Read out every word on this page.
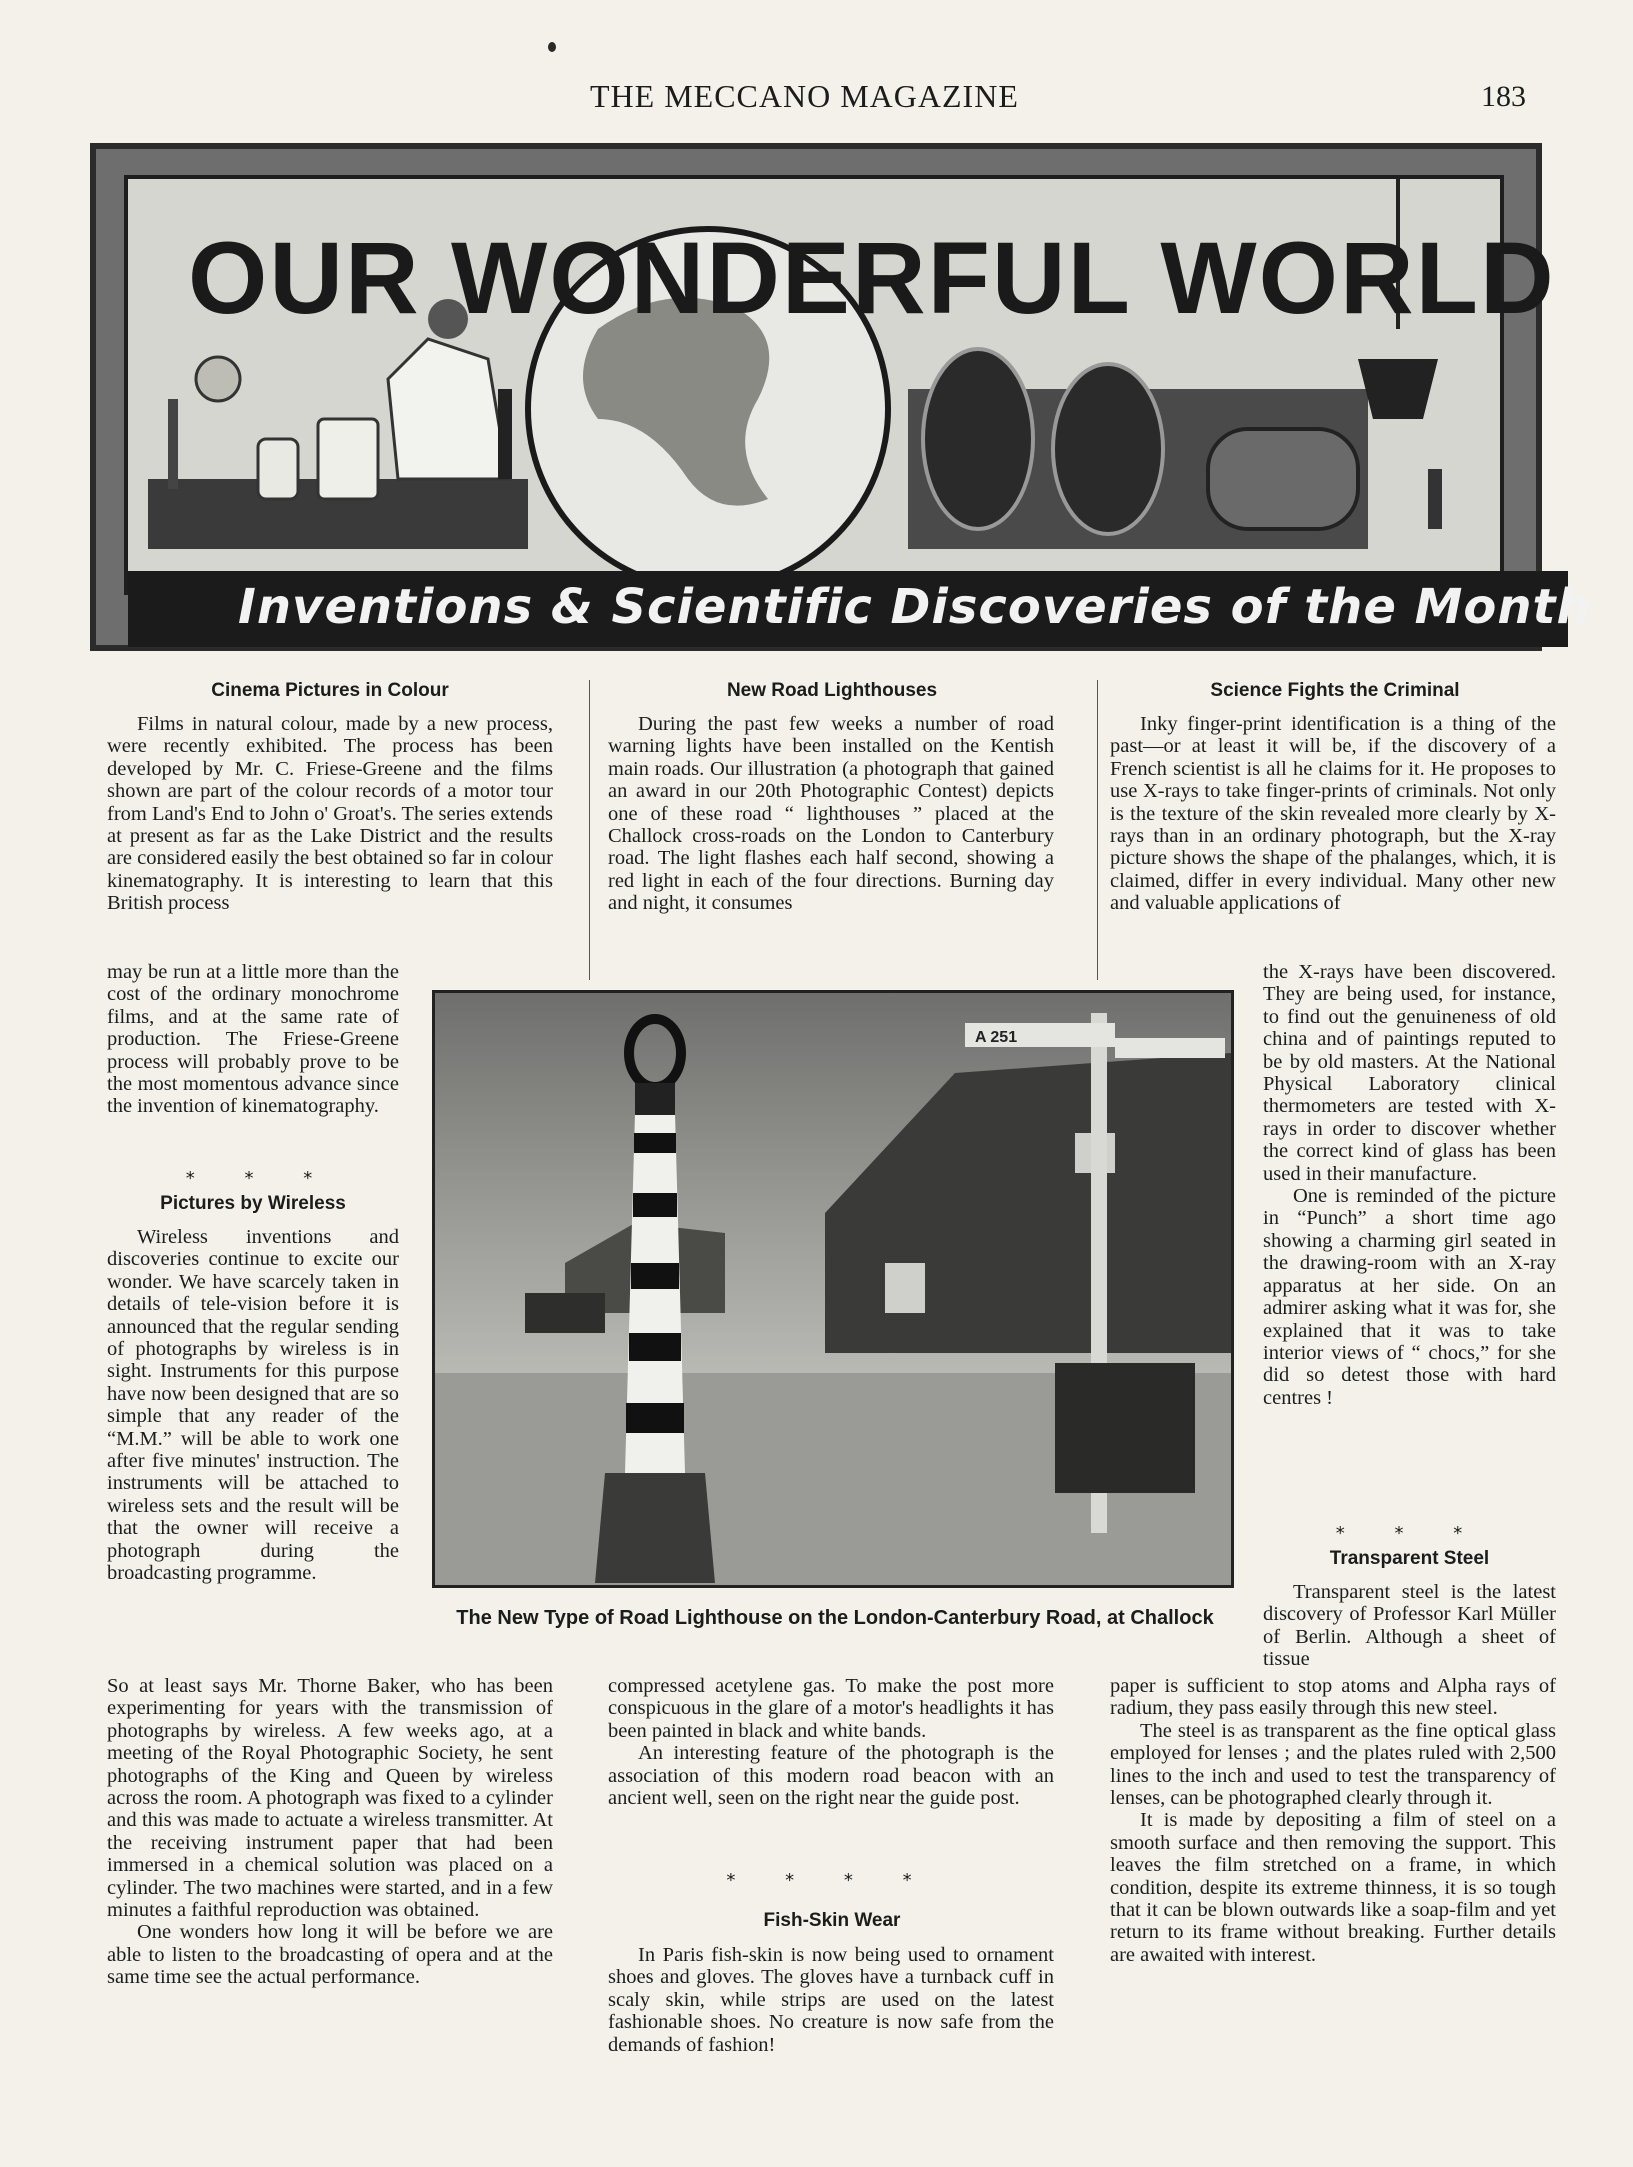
THE MECCANO MAGAZINE	183
OUR WONDERFUL WORLD
Inventions & Scientific Discoveries of the Month
Cinema Pictures in Colour

Films in natural colour, made by a new process, were recently exhibited. The process has been developed by Mr. C. Friese-Greene and the films shown are part of the colour records of a motor tour from Land's End to John o' Groat's. The series extends at present as far as the Lake District and the results are considered easily the best obtained so far in colour kinematography. It is interesting to learn that this British process

may be run at a little more than the cost of the ordinary monochrome films, and at the same rate of production. The Friese-Greene process will probably prove to be the most momentous advance since the invention of kinematography.

* * *
Pictures by Wireless

Wireless inventions and discoveries continue to excite our wonder. We have scarcely taken in details of tele-vision before it is announced that the regular sending of photographs by wireless is in sight. Instruments for this purpose have now been designed that are so simple that any reader of the “M.M.” will be able to work one after five minutes' instruction. The instruments will be attached to wireless sets and the result will be that the owner will receive a photograph during the broadcasting programme.

So at least says Mr. Thorne Baker, who has been experimenting for years with the transmission of photographs by wireless. A few weeks ago, at a meeting of the Royal Photographic Society, he sent photographs of the King and Queen by wireless across the room. A photograph was fixed to a cylinder and this was made to actuate a wireless transmitter. At the receiving instrument paper that had been immersed in a chemical solution was placed on a cylinder. The two machines were started, and in a few minutes a faithful reproduction was obtained.

One wonders how long it will be before we are able to listen to the broadcasting of opera and at the same time see the actual performance.

New Road Lighthouses

During the past few weeks a number of road warning lights have been installed on the Kentish main roads. Our illustration (a photograph that gained an award in our 20th Photographic Contest) depicts one of these road “ lighthouses ” placed at the Challock cross-roads on the London to Canterbury road. The light flashes each half second, showing a red light in each of the four directions. Burning day and night, it consumes

compressed acetylene gas. To make the post more conspicuous in the glare of a motor's headlights it has been painted in black and white bands.

An interesting feature of the photograph is the association of this modern road beacon with an ancient well, seen on the right near the guide post.

* * * *
Fish-Skin Wear

In Paris fish-skin is now being used to ornament shoes and gloves. The gloves have a turnback cuff in scaly skin, while strips are used on the latest fashionable shoes. No creature is now safe from the demands of fashion!

Science Fights the Criminal

Inky finger-print identification is a thing of the past—or at least it will be, if the discovery of a French scientist is all he claims for it. He proposes to use X-rays to take finger-prints of criminals. Not only is the texture of the skin revealed more clearly by X-rays than in an ordinary photograph, but the X-ray picture shows the shape of the phalanges, which, it is claimed, differ in every individual. Many other new and valuable applications of

the X-rays have been discovered. They are being used, for instance, to find out the genuineness of old china and of paintings reputed to be by old masters. At the National Physical Laboratory clinical thermometers are tested with X-rays in order to discover whether the correct kind of glass has been used in their manufacture.

One is reminded of the picture in “Punch” a short time ago showing a charming girl seated in the drawing-room with an X-ray apparatus at her side. On an admirer asking what it was for, she explained that it was to take interior views of “ chocs,” for she did so detest those with hard centres !

* * *
Transparent Steel

Transparent steel is the latest discovery of Professor Karl Müller of Berlin. Although a sheet of tissue

paper is sufficient to stop atoms and Alpha rays of radium, they pass easily through this new steel.

The steel is as transparent as the fine optical glass employed for lenses ; and the plates ruled with 2,500 lines to the inch and used to test the transparency of lenses, can be photographed clearly through it.

It is made by depositing a film of steel on a smooth surface and then removing the support. This leaves the film stretched on a frame, in which condition, despite its extreme thinness, it is so tough that it can be blown outwards like a soap-film and yet return to its frame without breaking. Further details are awaited with interest.

A 251
The New Type of Road Lighthouse on the London-Canterbury Road, at Challock
